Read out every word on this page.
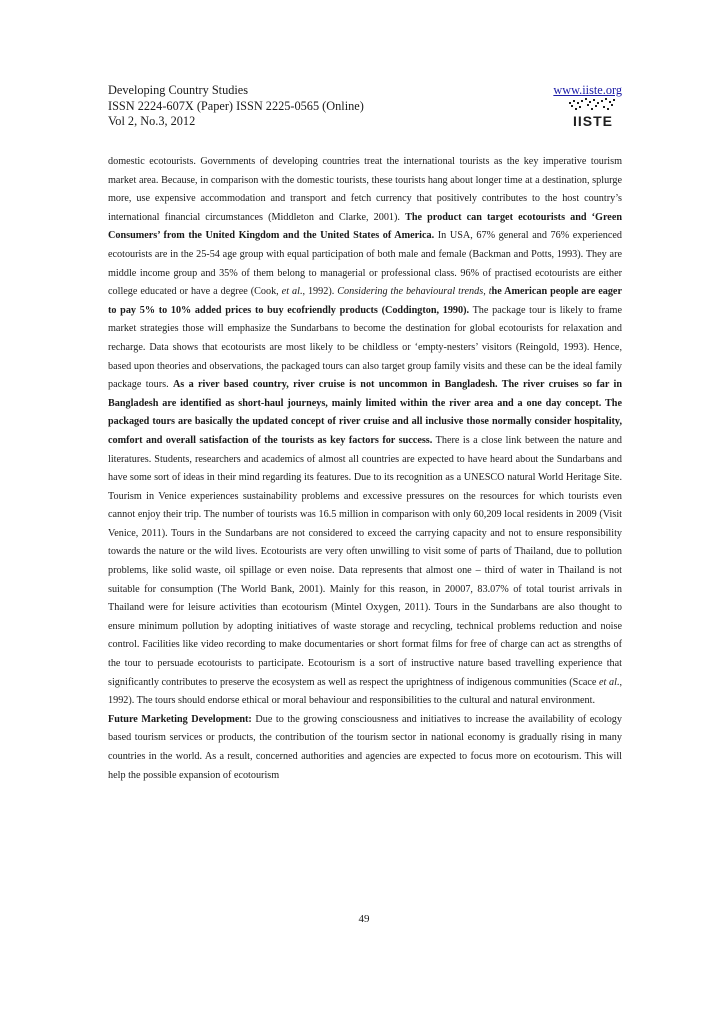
Developing Country Studies
ISSN 2224-607X (Paper) ISSN 2225-0565 (Online)
Vol 2, No.3, 2012
www.iiste.org
IISTE

domestic ecotourists. Governments of developing countries treat the international tourists as the key imperative tourism market area. Because, in comparison with the domestic tourists, these tourists hang about longer time at a destination, splurge more, use expensive accommodation and transport and fetch currency that positively contributes to the host country’s international financial circumstances (Middleton and Clarke, 2001). The product can target ecotourists and ‘Green Consumers’ from the United Kingdom and the United States of America. In USA, 67% general and 76% experienced ecotourists are in the 25-54 age group with equal participation of both male and female (Backman and Potts, 1993). They are middle income group and 35% of them belong to managerial or professional class. 96% of practised ecotourists are either college educated or have a degree (Cook, et al., 1992). Considering the behavioural trends, the American people are eager to pay 5% to 10% added prices to buy ecofriendly products (Coddington, 1990). The package tour is likely to frame market strategies those will emphasize the Sundarbans to become the destination for global ecotourists for relaxation and recharge. Data shows that ecotourists are most likely to be childless or ‘empty-nesters’ visitors (Reingold, 1993). Hence, based upon theories and observations, the packaged tours can also target group family visits and these can be the ideal family package tours. As a river based country, river cruise is not uncommon in Bangladesh. The river cruises so far in Bangladesh are identified as short-haul journeys, mainly limited within the river area and a one day concept. The packaged tours are basically the updated concept of river cruise and all inclusive those normally consider hospitality, comfort and overall satisfaction of the tourists as key factors for success. There is a close link between the nature and literatures. Students, researchers and academics of almost all countries are expected to have heard about the Sundarbans and have some sort of ideas in their mind regarding its features. Due to its recognition as a UNESCO natural World Heritage Site. Tourism in Venice experiences sustainability problems and excessive pressures on the resources for which tourists even cannot enjoy their trip. The number of tourists was 16.5 million in comparison with only 60,209 local residents in 2009 (Visit Venice, 2011). Tours in the Sundarbans are not considered to exceed the carrying capacity and not to ensure responsibility towards the nature or the wild lives. Ecotourists are very often unwilling to visit some of parts of Thailand, due to pollution problems, like solid waste, oil spillage or even noise. Data represents that almost one – third of water in Thailand is not suitable for consumption (The World Bank, 2001). Mainly for this reason, in 20007, 83.07% of total tourist arrivals in Thailand were for leisure activities than ecotourism (Mintel Oxygen, 2011). Tours in the Sundarbans are also thought to ensure minimum pollution by adopting initiatives of waste storage and recycling, technical problems reduction and noise control. Facilities like video recording to make documentaries or short format films for free of charge can act as strengths of the tour to persuade ecotourists to participate. Ecotourism is a sort of instructive nature based travelling experience that significantly contributes to preserve the ecosystem as well as respect the uprightness of indigenous communities (Scace et al., 1992). The tours should endorse ethical or moral behaviour and responsibilities to the cultural and natural environment.

Future Marketing Development: Due to the growing consciousness and initiatives to increase the availability of ecology based tourism services or products, the contribution of the tourism sector in national economy is gradually rising in many countries in the world. As a result, concerned authorities and agencies are expected to focus more on ecotourism. This will help the possible expansion of ecotourism

49
